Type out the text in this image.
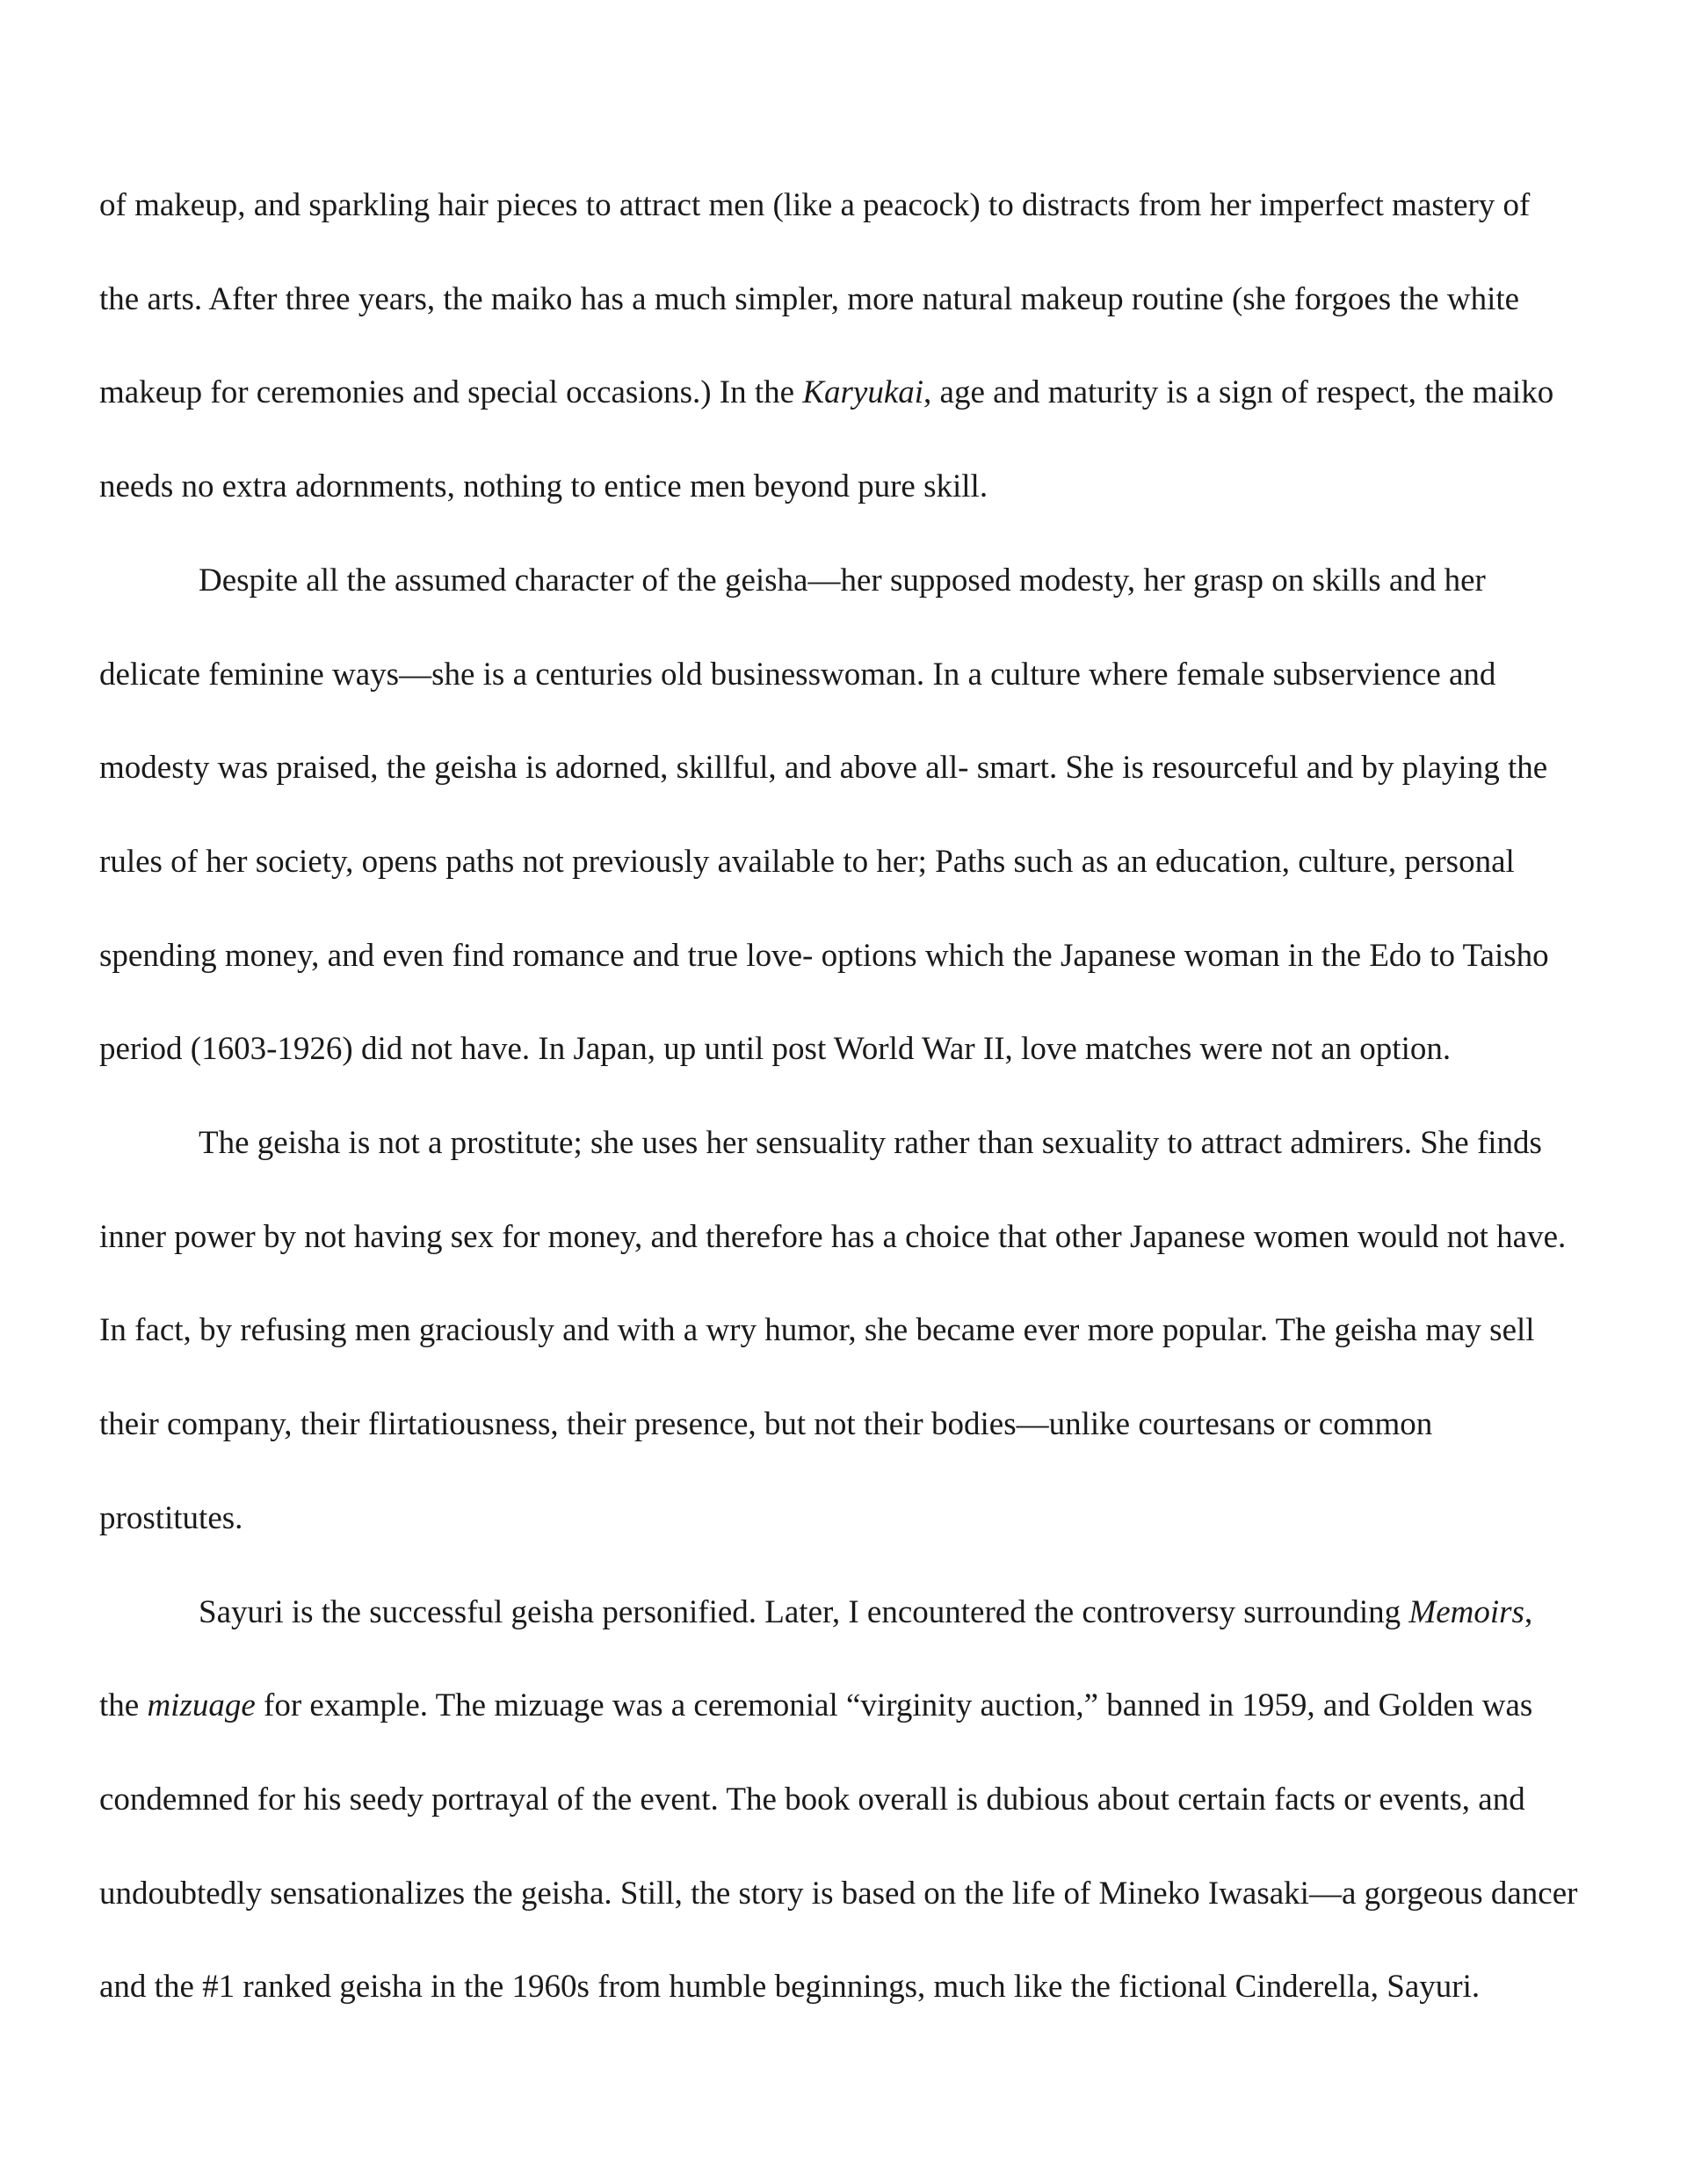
of makeup, and sparkling hair pieces to attract men (like a peacock) to distracts from her imperfect mastery of
the arts. After three years, the maiko has a much simpler, more natural makeup routine (she forgoes the white
makeup for ceremonies and special occasions.) In the Karyukai, age and maturity is a sign of respect, the maiko
needs no extra adornments, nothing to entice men beyond pure skill.
Despite all the assumed character of the geisha—her supposed modesty, her grasp on skills and her
delicate feminine ways—she is a centuries old businesswoman. In a culture where female subservience and
modesty was praised, the geisha is adorned, skillful, and above all- smart. She is resourceful and by playing the
rules of her society, opens paths not previously available to her; Paths such as an education, culture, personal
spending money, and even find romance and true love- options which the Japanese woman in the Edo to Taisho
period (1603-1926) did not have. In Japan, up until post World War II, love matches were not an option.
The geisha is not a prostitute; she uses her sensuality rather than sexuality to attract admirers. She finds
inner power by not having sex for money, and therefore has a choice that other Japanese women would not have.
In fact, by refusing men graciously and with a wry humor, she became ever more popular. The geisha may sell
their company, their flirtatiousness, their presence, but not their bodies—unlike courtesans or common
prostitutes.
Sayuri is the successful geisha personified. Later, I encountered the controversy surrounding Memoirs,
the mizuage for example. The mizuage was a ceremonial “virginity auction,” banned in 1959, and Golden was
condemned for his seedy portrayal of the event. The book overall is dubious about certain facts or events, and
undoubtedly sensationalizes the geisha. Still, the story is based on the life of Mineko Iwasaki—a gorgeous dancer
and the #1 ranked geisha in the 1960s from humble beginnings, much like the fictional Cinderella, Sayuri.
